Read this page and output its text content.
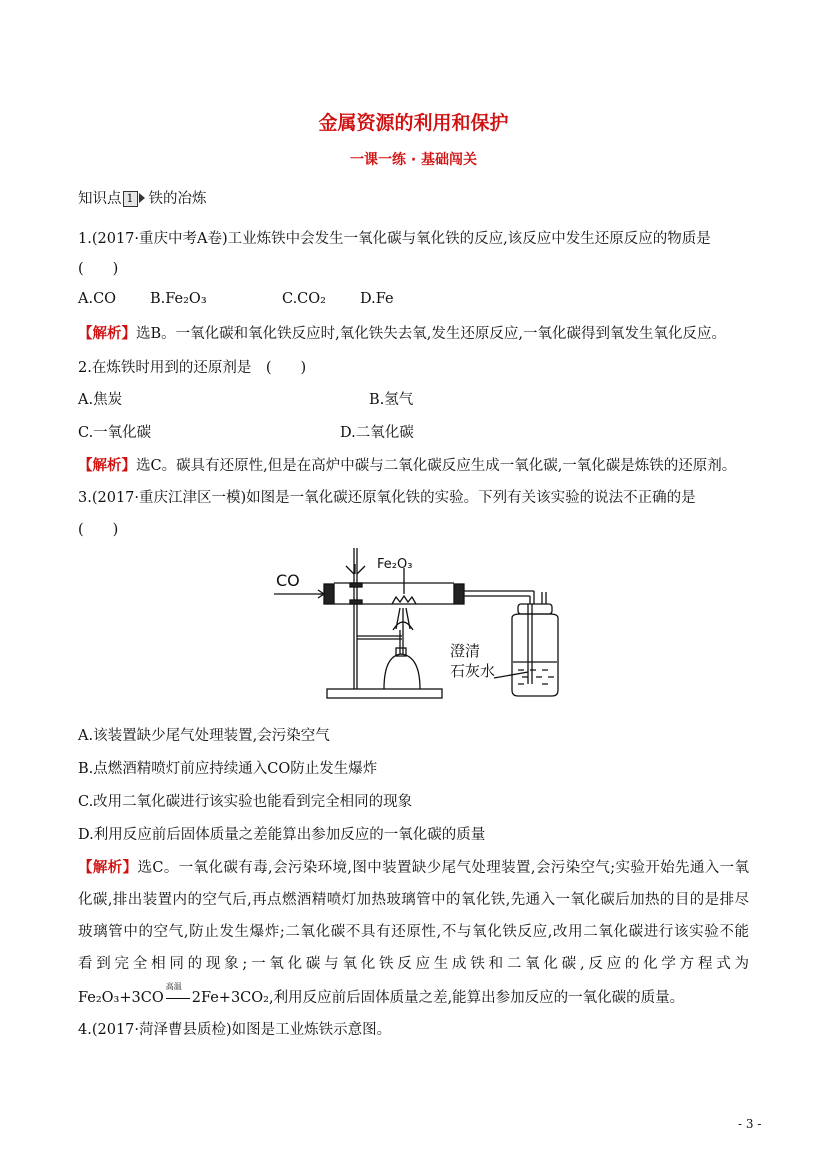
金属资源的利用和保护
一课一练 · 基础闯关
知识点 1 铁的冶炼
1.(2017·重庆中考A卷)工业炼铁中会发生一氧化碳与氧化铁的反应,该反应中发生还原反应的物质是
(　　)
A.CO B.Fe₂O₃	C.CO₂ D.Fe
【解析】选B。一氧化碳和氧化铁反应时,氧化铁失去氧,发生还原反应,一氧化碳得到氧发生氧化反应。
2.在炼铁时用到的还原剂是　(　　)
A.焦炭	B.氢气
C.一氧化碳	D.二氧化碳
【解析】选C。碳具有还原性,但是在高炉中碳与二氧化碳反应生成一氧化碳,一氧化碳是炼铁的还原剂。
3.(2017·重庆江津区一模)如图是一氧化碳还原氧化铁的实验。下列有关该实验的说法不正确的是
(　　)
CO
Fe₂O₃
澄清
石灰水
A.该装置缺少尾气处理装置,会污染空气
B.点燃酒精喷灯前应持续通入CO防止发生爆炸
C.改用二氧化碳进行该实验也能看到完全相同的现象
D.利用反应前后固体质量之差能算出参加反应的一氧化碳的质量
【解析】选C。一氧化碳有毒,会污染环境,图中装置缺少尾气处理装置,会污染空气;实验开始先通入一氧
化碳,排出装置内的空气后,再点燃酒精喷灯加热玻璃管中的氧化铁,先通入一氧化碳后加热的目的是排尽
玻璃管中的空气,防止发生爆炸;二氧化碳不具有还原性,不与氧化铁反应,改用二氧化碳进行该实验不能
看到完全相同的现象;一氧化碳与氧化铁反应生成铁和二氧化碳,反应的化学方程式为
Fe₂O₃+3CO
高温
2Fe+3CO₂,利用反应前后固体质量之差,能算出参加反应的一氧化碳的质量。
4.(2017·菏泽曹县质检)如图是工业炼铁示意图。
- 3 -
